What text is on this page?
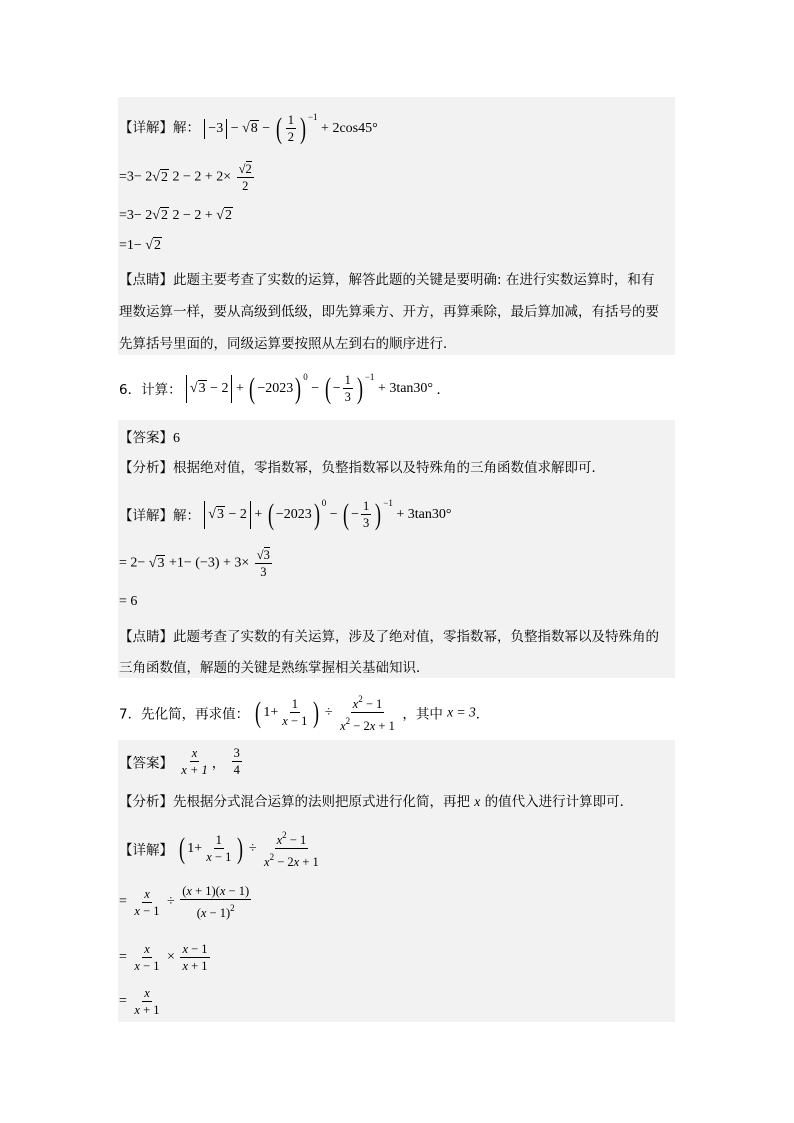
【详解】解： −3 − √8 − ( $\frac{1}{2}$ ) $^{-1}$ + 2cos45°
=3− 2√2 $2 - 2 + 2\times \frac{√2}{2}$
=3− 2√2 2 − 2 + √2
=1− √2
【点睛】此题主要考查了实数的运算，解答此题的关键是要明确: 在进行实数运算时，和有
理数运算一样，要从高级到低级，即先算乘方、开方，再算乘除，最后算加减，有括号的要
先算括号里面的，同级运算要按照从左到右的顺序进行．
6．计算： √3 − 2 + ( −2023) $^0$ − ( − $\frac{1}{3}$ ) $^{-1}$ + 3tan30° ．
【答案】6
【分析】根据绝对值，零指数幂，负整指数幂以及特殊角的三角函数值求解即可．
【详解】解： √3 − 2 + ( −2023) $^0$ − ( − $\frac{1}{3}$ ) $^{-1}$ + 3tan30°
= $2- √3 +1- (-3) + 3\times \frac{√3}{3}$
= 6
【点睛】此题考查了实数的有关运算，涉及了绝对值，零指数幂，负整指数幂以及特殊角的
三角函数值，解题的关键是熟练掌握相关基础知识．
7．先化简，再求值： ( $1+ \frac{1}{x - 1}$ ) ÷ $\frac{x^2 - 1}{x^2 - 2x + 1}$ ，其中 x = 3．
【答案】 $\frac{x}{x + 1}$ ， $\frac{3}{4}$
【分析】先根据分式混合运算的法则把原式进行化简，再把 x 的值代入进行计算即可．
【详解】 ( $1+ \frac{1}{x - 1}$ ) ÷ $\frac{x^2 - 1}{x^2 - 2x + 1}$
= $\frac{x}{x - 1} \div \frac{(x + 1)(x - 1)}{(x - 1)^2}$
= $\frac{x}{x - 1} \times \frac{x - 1}{x + 1}$
= $\frac{x}{x + 1}$
